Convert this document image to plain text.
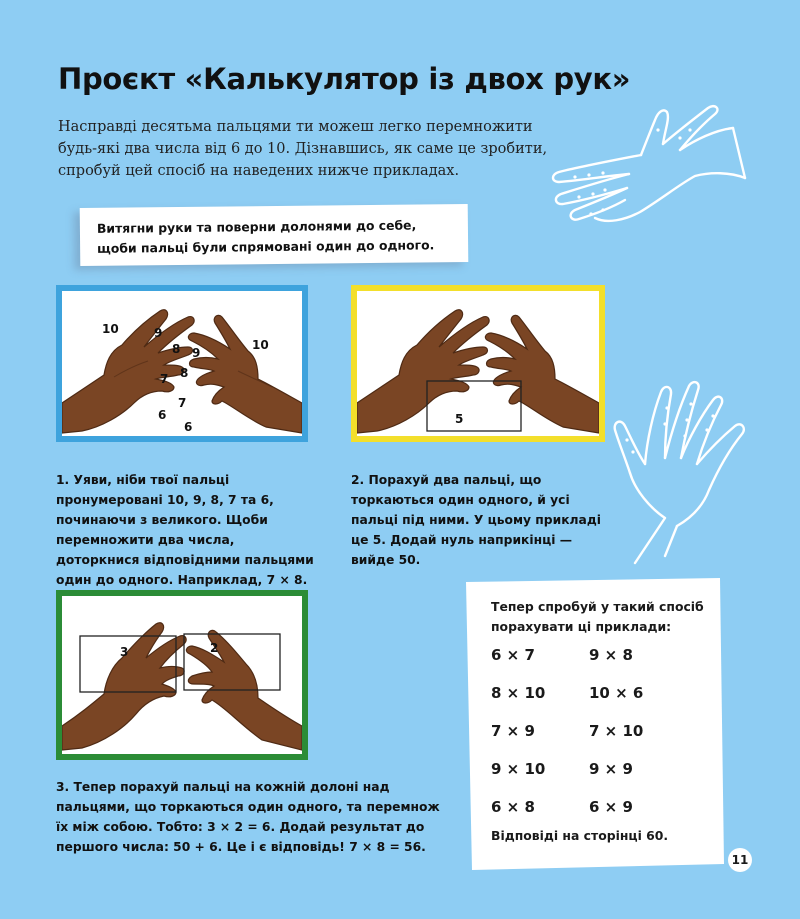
Проєкт «Калькулятор із двох рук»

Насправді десятьма пальцями ти можеш легко перемножити будь-які два числа від 6 до 10. Дізнавшись, як саме це зробити, спробуй цей спосіб на наведених нижче прикладах.

Витягни руки та поверни долонями до себе, щоби пальці були спрямовані один до одного.

10	9
8
7
6
10
9
8
7
6
5
3	2

1. Уяви, ніби твої пальці пронумеровані 10, 9, 8, 7 та 6, починаючи з великого. Щоби перемножити два числа, доторкнися відповідними пальцями один до одного. Наприклад, 7 × 8.

2. Порахуй два пальці, що торкаються один одного, й усі пальці під ними. У цьому прикладі це 5. Додай нуль наприкінці — вийде 50.

3. Тепер порахуй пальці на кожній долоні над пальцями, що торкаються один одного, та перемнож їх між собою. Тобто: 3 × 2 = 6. Додай результат до першого числа: 50 + 6. Це і є відповідь! 7 × 8 = 56.

Тепер спробуй у такий спосіб порахувати ці приклади:

6 × 7	9 × 8
8 × 10	10 × 6
7 × 9	7 × 10
9 × 10	9 × 9
6 × 8	6 × 9

Відповіді на сторінці 60.

11
